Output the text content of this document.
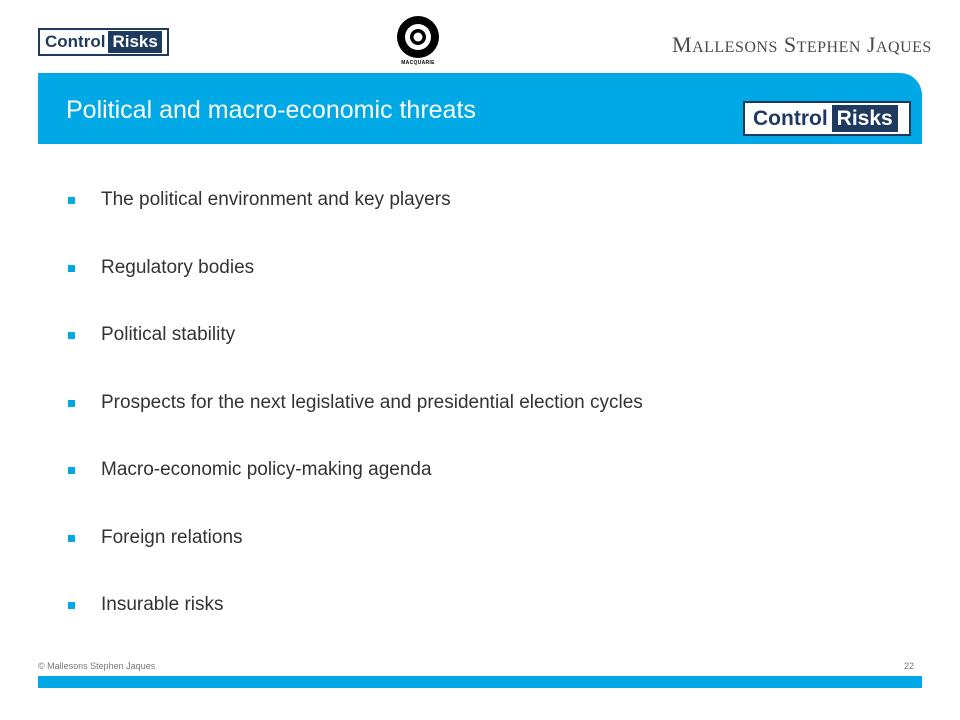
Control Risks
MACQUARIE
MALLESONS STEPHEN JAQUES
Political and macro-economic threats	Control Risks
The political environment and key players
Regulatory bodies
Political stability
Prospects for the next legislative and presidential election cycles
Macro-economic policy-making agenda
Foreign relations
Insurable risks
© Mallesons Stephen Jaques	22
